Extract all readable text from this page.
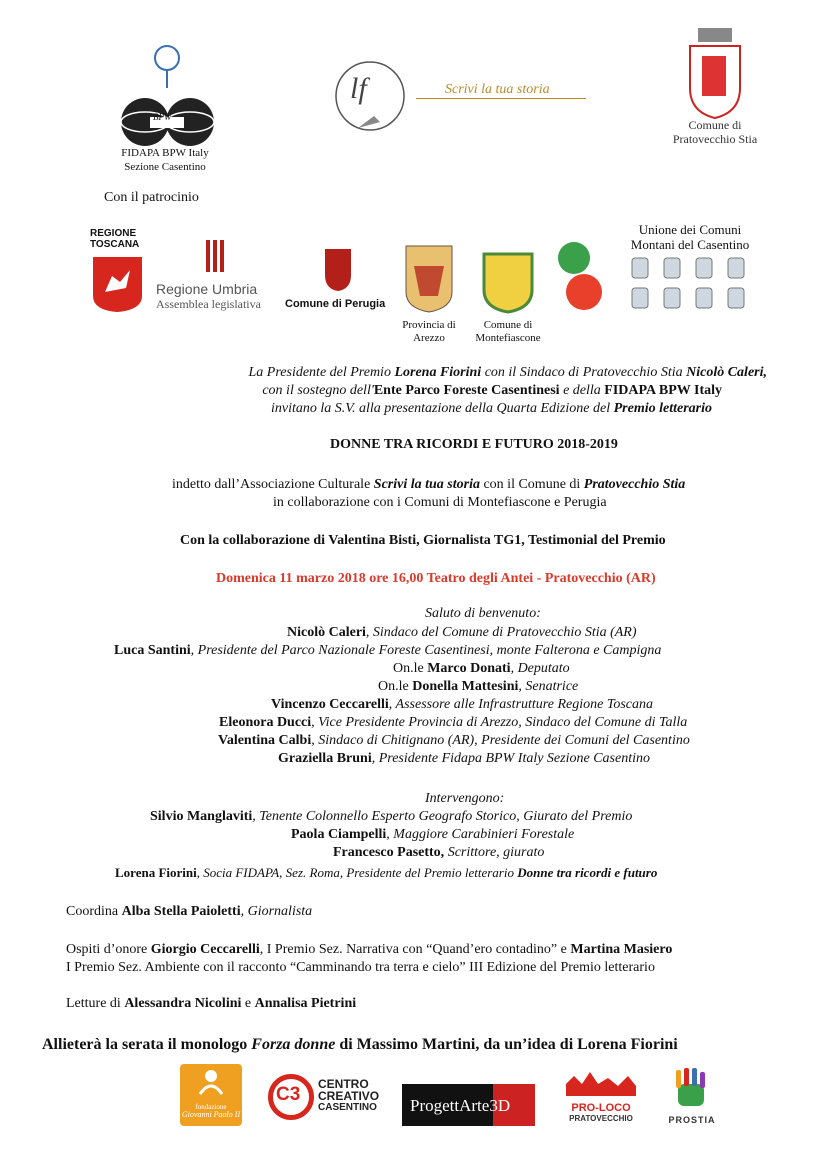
BPW
FIDAPA BPW Italy
Sezione Casentino
lf	Scrivi la tua storia
Comune di
Pratovecchio Stia
Con il patrocinio
REGIONE
TOSCANA
Regione Umbria
Assemblea legislativa	Comune di Perugia
Provincia di
Arezzo
Comune di
Montefiascone
Unione dei Comuni
Montani del Casentino
La Presidente del Premio Lorena Fiorini con il Sindaco di Pratovecchio Stia Nicolò Caleri,
con il sostegno dell'Ente Parco Foreste Casentinesi e della FIDAPA BPW Italy
invitano la S.V. alla presentazione della Quarta Edizione del Premio letterario
DONNE TRA RICORDI E FUTURO 2018-2019
indetto dall’Associazione Culturale Scrivi la tua storia con il Comune di Pratovecchio Stia
in collaborazione con i Comuni di Montefiascone e Perugia
Con la collaborazione di Valentina Bisti, Giornalista TG1, Testimonial del Premio
Domenica 11 marzo 2018 ore 16,00 Teatro degli Antei - Pratovecchio (AR)
Saluto di benvenuto:
Nicolò Caleri, Sindaco del Comune di Pratovecchio Stia (AR)
Luca Santini, Presidente del Parco Nazionale Foreste Casentinesi, monte Falterona e Campigna
On.le Marco Donati, Deputato
On.le Donella Mattesini, Senatrice
Vincenzo Ceccarelli, Assessore alle Infrastrutture Regione Toscana
Eleonora Ducci, Vice Presidente Provincia di Arezzo, Sindaco del Comune di Talla
Valentina Calbi, Sindaco di Chitignano (AR), Presidente dei Comuni del Casentino
Graziella Bruni, Presidente Fidapa BPW Italy Sezione Casentino
Intervengono:
Silvio Manglaviti, Tenente Colonnello Esperto Geografo Storico, Giurato del Premio
Paola Ciampelli, Maggiore Carabinieri Forestale
Francesco Pasetto, Scrittore, giurato
Lorena Fiorini, Socia FIDAPA, Sez. Roma, Presidente del Premio letterario Donne tra ricordi e futuro
Coordina Alba Stella Paioletti, Giornalista
Ospiti d’onore Giorgio Ceccarelli, I Premio Sez. Narrativa con “Quand’ero contadino” e Martina Masiero
I Premio Sez. Ambiente con il racconto “Camminando tra terra e cielo” III Edizione del Premio letterario
Letture di Alessandra Nicolini e Annalisa Pietrini
Allieterà la serata il monologo Forza donne di Massimo Martini, da un’idea di Lorena Fiorini
fondazione
Giovanni Paolo II
C3 CENTRO
CREATIVO
CASENTINO ProgettArte3D	PRO-LOCO
PRATOVECCHIO	PROSTIA
